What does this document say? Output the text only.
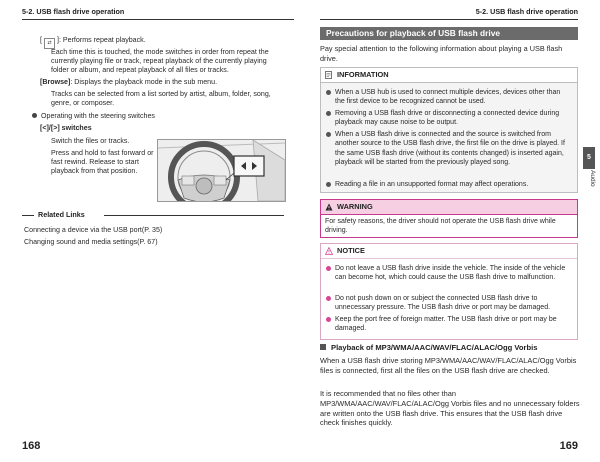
5-2. USB flash drive operation
[ ⇄ ]: Performs repeat playback.
Each time this is touched, the mode switches in order from repeat the currently playing file or track, repeat playback of the currently playing folder or album, and repeat playback of all files or tracks.
[Browse]: Displays the playback mode in the sub menu.
Tracks can be selected from a list sorted by artist, album, folder, song, genre, or composer.
Operating with the steering switches
[<]/[>] switches
Switch the files or tracks.
Press and hold to fast forward or fast rewind. Release to start playback from that position.
Related Links
Connecting a device via the USB port(P. 35)
Changing sound and media settings(P. 67)
168
5-2. USB flash drive operation
Precautions for playback of USB flash drive
Pay special attention to the following information about playing a USB flash drive.
INFORMATION
When a USB hub is used to connect multiple devices, devices other than the first device to be recognized cannot be used.
Removing a USB flash drive or disconnecting a connected device during playback may cause noise to be output.
When a USB flash drive is connected and the source is switched from another source to the USB flash drive, the first file on the drive is played. If the same USB flash drive (without its contents changed) is inserted again, playback will be started from the previously played song.
Reading a file in an unsupported format may affect operations.
WARNING
For safety reasons, the driver should not operate the USB flash drive while driving.
NOTICE
Do not leave a USB flash drive inside the vehicle. The inside of the vehicle can become hot, which could cause the USB flash drive to malfunction.
Do not push down on or subject the connected USB flash drive to unnecessary pressure. The USB flash drive or port may be damaged.
Keep the port free of foreign matter. The USB flash drive or port may be damaged.
Playback of MP3/WMA/AAC/WAV/FLAC/ALAC/Ogg Vorbis
When a USB flash drive storing MP3/WMA/AAC/WAV/FLAC/ALAC/Ogg Vorbis files is connected, first all the files on the USB flash drive are checked.
It is recommended that no files other than MP3/WMA/AAC/WAV/FLAC/ALAC/Ogg Vorbis files and no unnecessary folders are written onto the USB flash drive. This ensures that the USB flash drive check finishes quickly.
5
Audio
169
